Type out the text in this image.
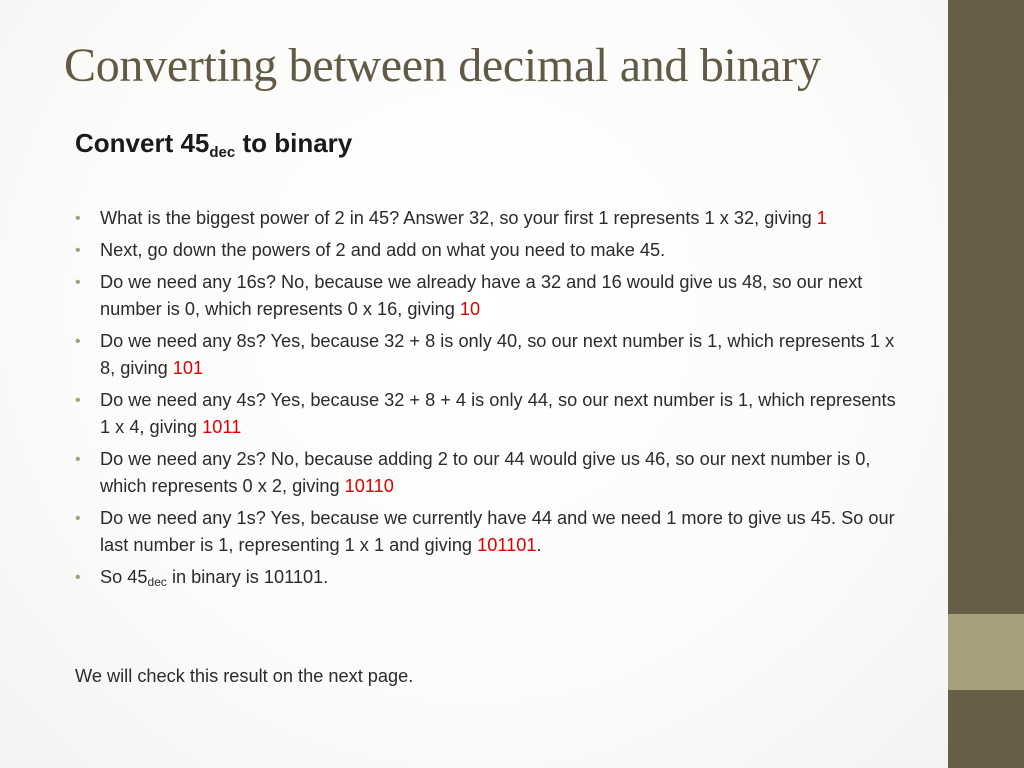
Converting between decimal and binary
Convert $45_{dec}$ to binary
• What is the biggest power of 2 in 45? Answer 32, so your first 1 represents 1 x 32, giving 1
• Next, go down the powers of 2 and add on what you need to make 45.
• Do we need any 16s? No, because we already have a 32 and 16 would give us 48, so our next number is 0, which represents 0 x 16, giving 10
• Do we need any 8s? Yes, because 32 + 8 is only 40, so our next number is 1, which represents 1 x 8, giving 101
• Do we need any 4s? Yes, because 32 + 8 + 4 is only 44, so our next number is 1, which represents 1 x 4, giving 1011
• Do we need any 2s? No, because adding 2 to our 44 would give us 46, so our next number is 0, which represents 0 x 2, giving 10110
• Do we need any 1s? Yes, because we currently have 44 and we need 1 more to give us 45. So our last number is 1, representing 1 x 1 and giving 101101.
• So $45_{dec}$ in binary is 101101.
We will check this result on the next page.
